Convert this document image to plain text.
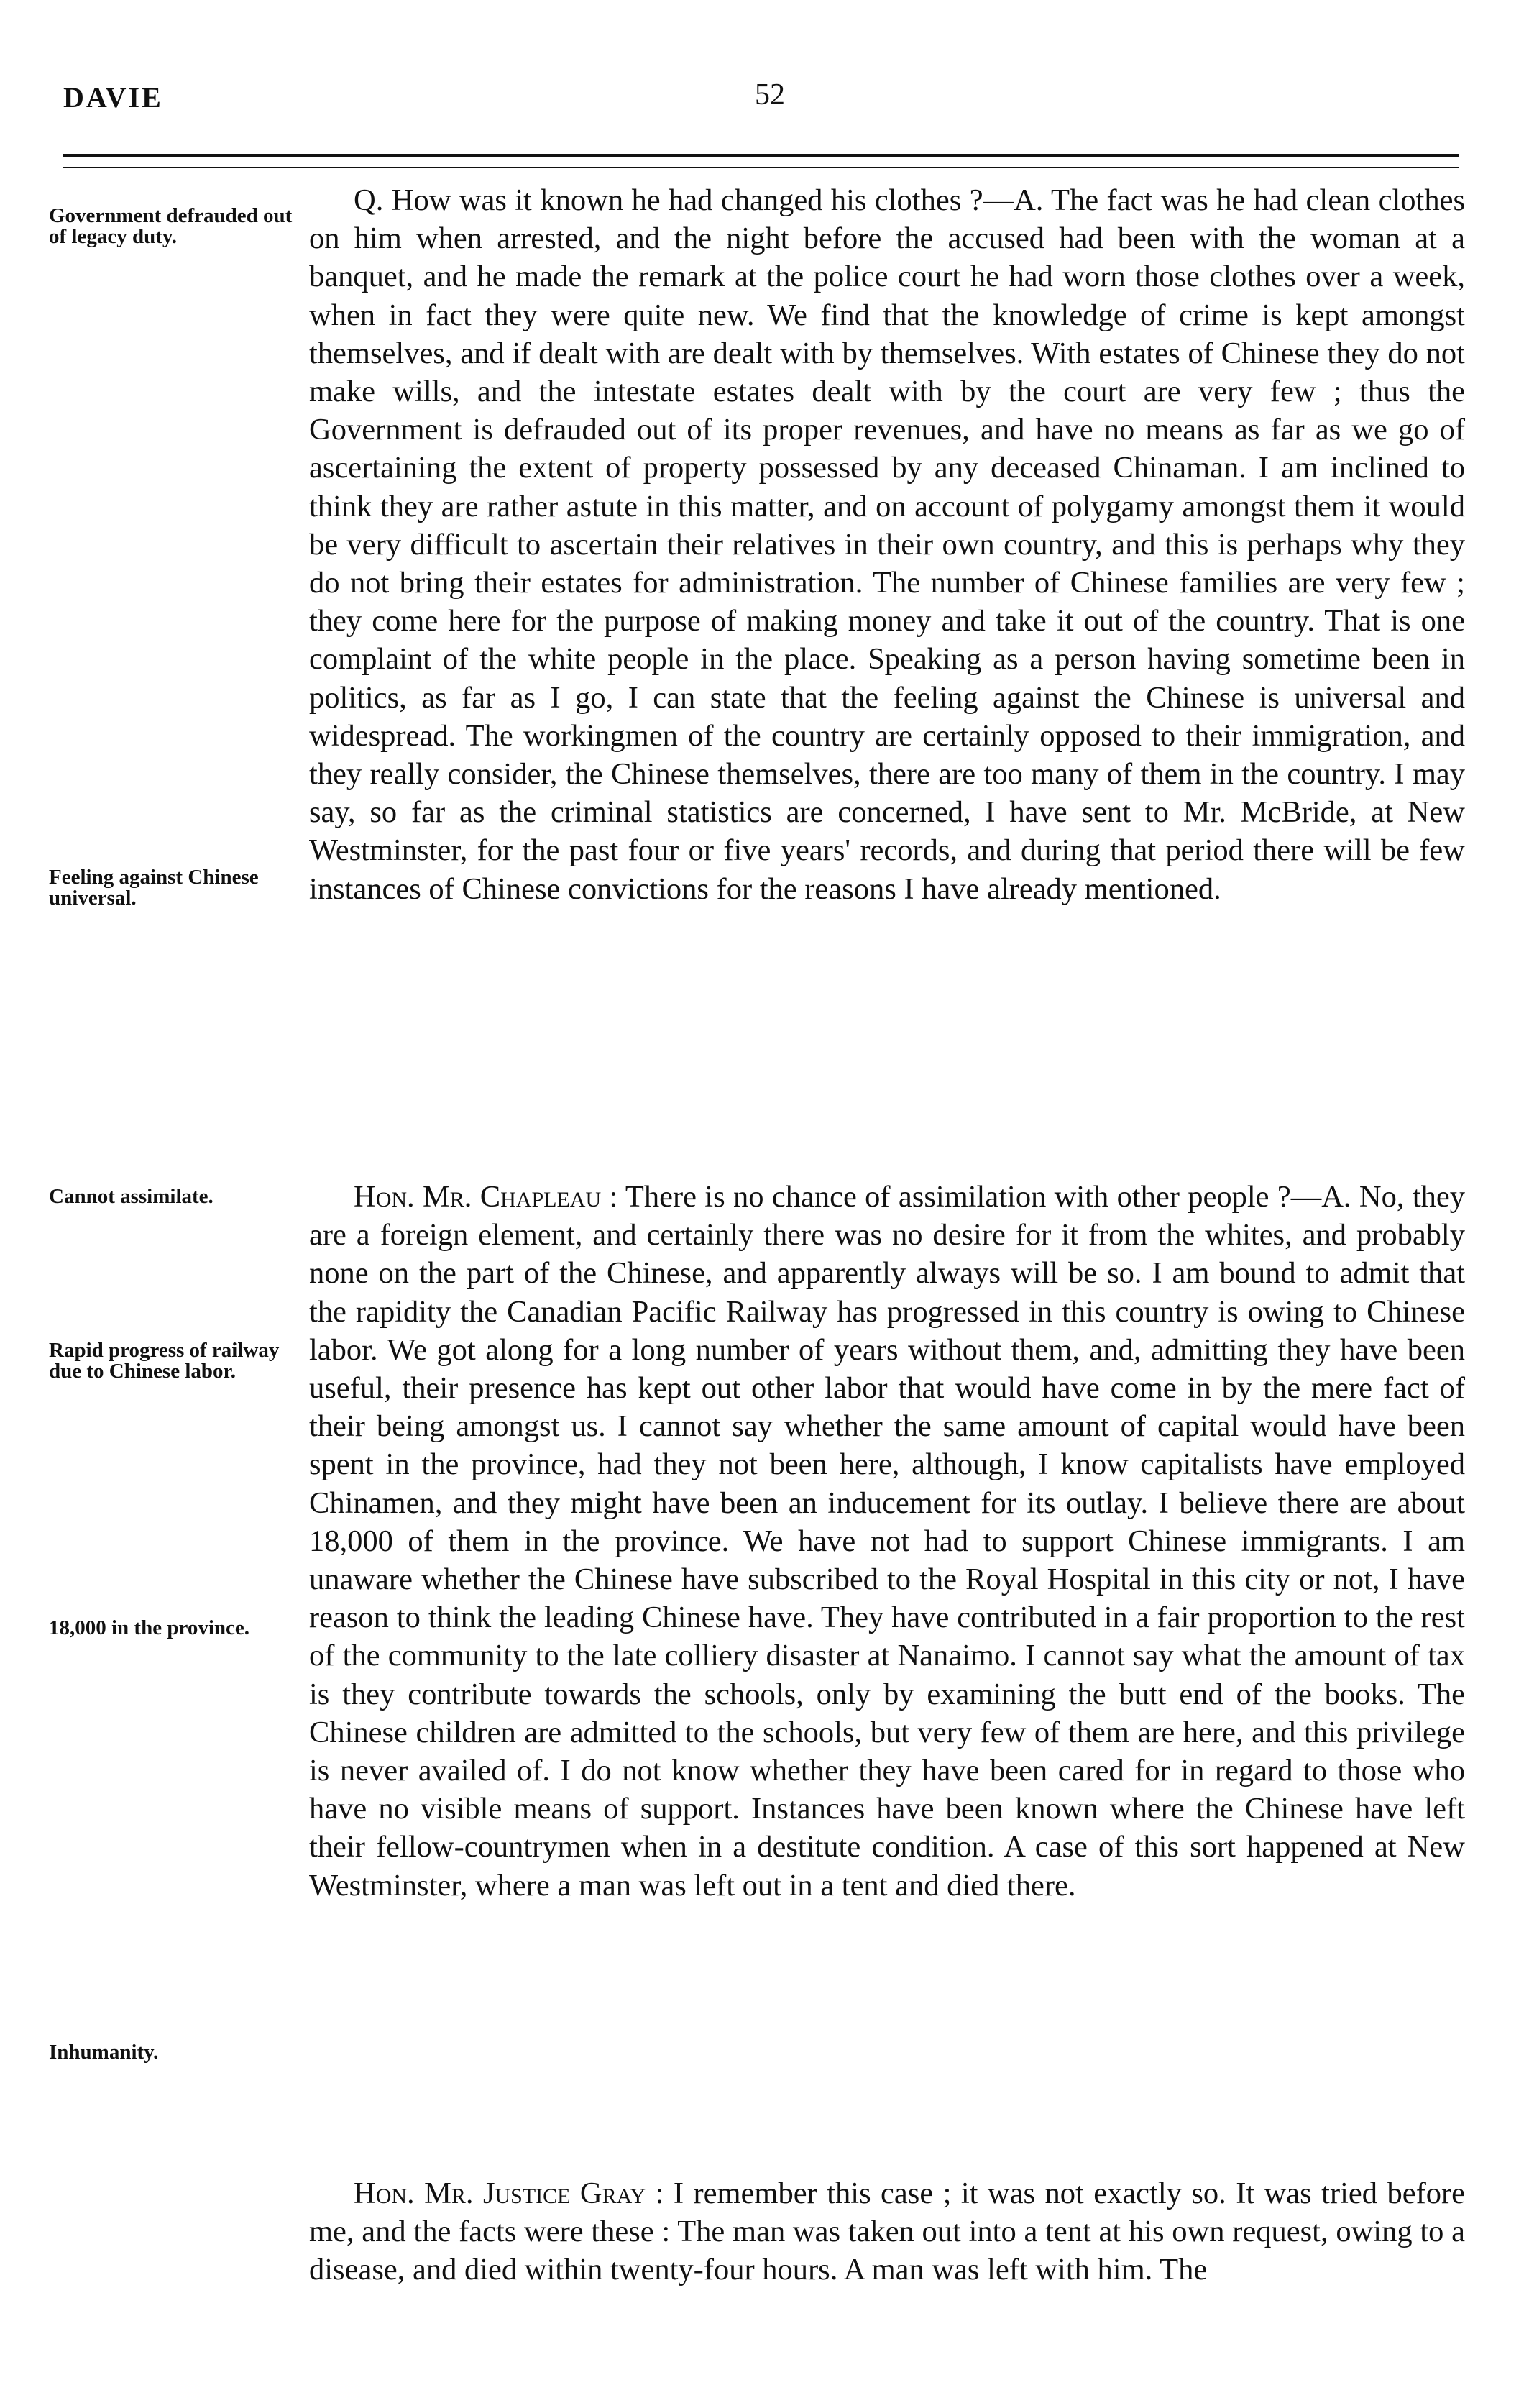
DAVIE	52
Government defrauded out of legacy duty.
Feeling against Chinese universal.
Cannot assimilate.
Rapid progress of railway due to Chinese labor.
18,000 in the province.
Inhumanity.

Q. How was it known he had changed his clothes ?—A. The fact was he had clean clothes on him when arrested, and the night before the accused had been with the woman at a banquet, and he made the remark at the police court he had worn those clothes over a week, when in fact they were quite new. We find that the knowledge of crime is kept amongst themselves, and if dealt with are dealt with by themselves. With estates of Chinese they do not make wills, and the intestate estates dealt with by the court are very few ; thus the Government is defrauded out of its proper revenues, and have no means as far as we go of ascertaining the extent of property possessed by any deceased Chinaman. I am inclined to think they are rather astute in this matter, and on account of polygamy amongst them it would be very difficult to ascertain their relatives in their own country, and this is perhaps why they do not bring their estates for administration. The number of Chinese families are very few ; they come here for the purpose of making money and take it out of the country. That is one complaint of the white people in the place. Speaking as a person having sometime been in politics, as far as I go, I can state that the feeling against the Chinese is universal and widespread. The workingmen of the country are certainly opposed to their immigration, and they really consider, the Chinese themselves, there are too many of them in the country. I may say, so far as the criminal statistics are concerned, I have sent to Mr. McBride, at New Westminster, for the past four or five years' records, and during that period there will be few instances of Chinese convictions for the reasons I have already mentioned.

Hon. Mr. Chapleau : There is no chance of assimilation with other people ?—A. No, they are a foreign element, and certainly there was no desire for it from the whites, and probably none on the part of the Chinese, and apparently always will be so. I am bound to admit that the rapidity the Canadian Pacific Railway has progressed in this country is owing to Chinese labor. We got along for a long number of years without them, and, admitting they have been useful, their presence has kept out other labor that would have come in by the mere fact of their being amongst us. I cannot say whether the same amount of capital would have been spent in the province, had they not been here, although, I know capitalists have employed Chinamen, and they might have been an inducement for its outlay. I believe there are about 18,000 of them in the province. We have not had to support Chinese immigrants. I am unaware whether the Chinese have subscribed to the Royal Hospital in this city or not, I have reason to think the leading Chinese have. They have contributed in a fair proportion to the rest of the community to the late colliery disaster at Nanaimo. I cannot say what the amount of tax is they contribute towards the schools, only by examining the butt end of the books. The Chinese children are admitted to the schools, but very few of them are here, and this privilege is never availed of. I do not know whether they have been cared for in regard to those who have no visible means of support. Instances have been known where the Chinese have left their fellow-countrymen when in a destitute condition. A case of this sort happened at New Westminster, where a man was left out in a tent and died there.

Hon. Mr. Justice Gray : I remember this case ; it was not exactly so. It was tried before me, and the facts were these : The man was taken out into a tent at his own request, owing to a disease, and died within twenty-four hours. A man was left with him. The
